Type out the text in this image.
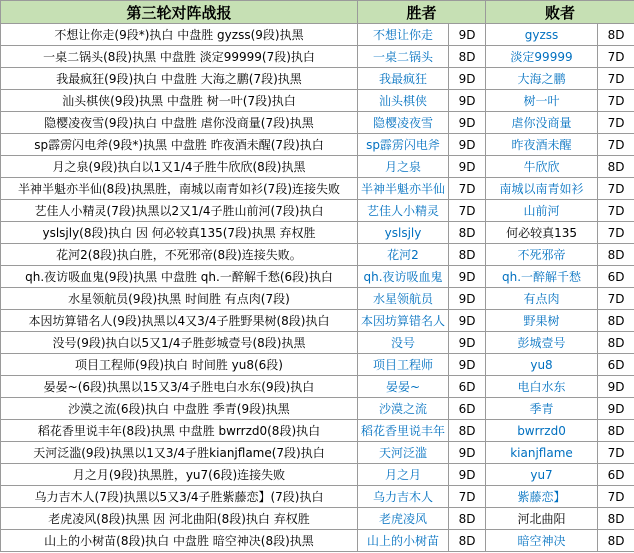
第三轮对阵战报	胜者		败者	
不想让你走(9段*)执白 中盘胜 gyzss(9段)执黑	不想让你走	9D	gyzss	8D
一桌二锅头(8段)执黑 中盘胜 淡定99999(7段)执白	一桌二锅头	8D	淡定99999	7D
我最疯狂(9段)执白 中盘胜 大海之鹏(7段)执黑	我最疯狂	9D	大海之鹏	7D
汕头棋侠(9段)执黑 中盘胜 树一叶(7段)执白	汕头棋侠	9D	树一叶	7D
隐樱凌夜雪(9段)执白 中盘胜 虐你没商量(7段)执黑	隐樱凌夜雪	9D	虐你没商量	7D
sp霹雳闪电斧(9段*)执黑 中盘胜 昨夜酒未醒(7段)执白	sp霹雳闪电斧	9D	昨夜酒未醒	7D
月之泉(9段)执白以1又1/4子胜牛欣欣(8段)执黑	月之泉	9D	牛欣欣	8D
半神半魁亦半仙(8段)执黑胜，南城以南青如衫(7段)连接失败	半神半魁亦半仙	7D	南城以南青如衫	7D
艺佳人小精灵(7段)执黑以2又1/4子胜山前河(7段)执白	艺佳人小精灵	7D	山前河	7D
yslsjly(8段)执白 因 何必较真135(7段)执黑 弃权胜	yslsjly	8D	何必较真135	7D
花河2(8段)执白胜，不死邪帝(8段)连接失败。	花河2	8D	不死邪帝	8D
qh.夜访吸血鬼(9段)执黑 中盘胜 qh.一醉解千愁(6段)执白	qh.夜访吸血鬼	9D	qh.一醉解千愁	6D
水星领航员(9段)执黑 时间胜 有点肉(7段)	水星领航员	9D	有点肉	7D
本因坊算错名人(9段)执黑以4又3/4子胜野果树(8段)执白	本因坊算错名人	9D	野果树	8D
没号(9段)执白以5又1/4子胜彭城壹号(8段)执黑	没号	9D	彭城壹号	8D
项目工程师(9段)执白 时间胜 yu8(6段)	项目工程师	9D	yu8	6D
晏晏~(6段)执黑以15又3/4子胜电白水东(9段)执白	晏晏~	6D	电白水东	9D
沙漠之流(6段)执白 中盘胜 季青(9段)执黑	沙漠之流	6D	季青	9D
稻花香里说丰年(8段)执黑 中盘胜 bwrrzd0(8段)执白	稻花香里说丰年	8D	bwrrzd0	8D
天河泛滥(9段)执黑以1又3/4子胜kianjflame(7段)执白	天河泛滥	9D	kianjflame	7D
月之月(9段)执黑胜，yu7(6段)连接失败	月之月	9D	yu7	6D
乌力吉木人(7段)执黑以5又3/4子胜紫藤恋】(7段)执白	乌力吉木人	7D	紫藤恋】	7D
老虎凌风(8段)执黑 因 河北曲阳(8段)执白 弃权胜	老虎凌风	8D	河北曲阳	8D
山上的小树苗(8段)执白 中盘胜 暗空神决(8段)执黑	山上的小树苗	8D	暗空神决	8D
